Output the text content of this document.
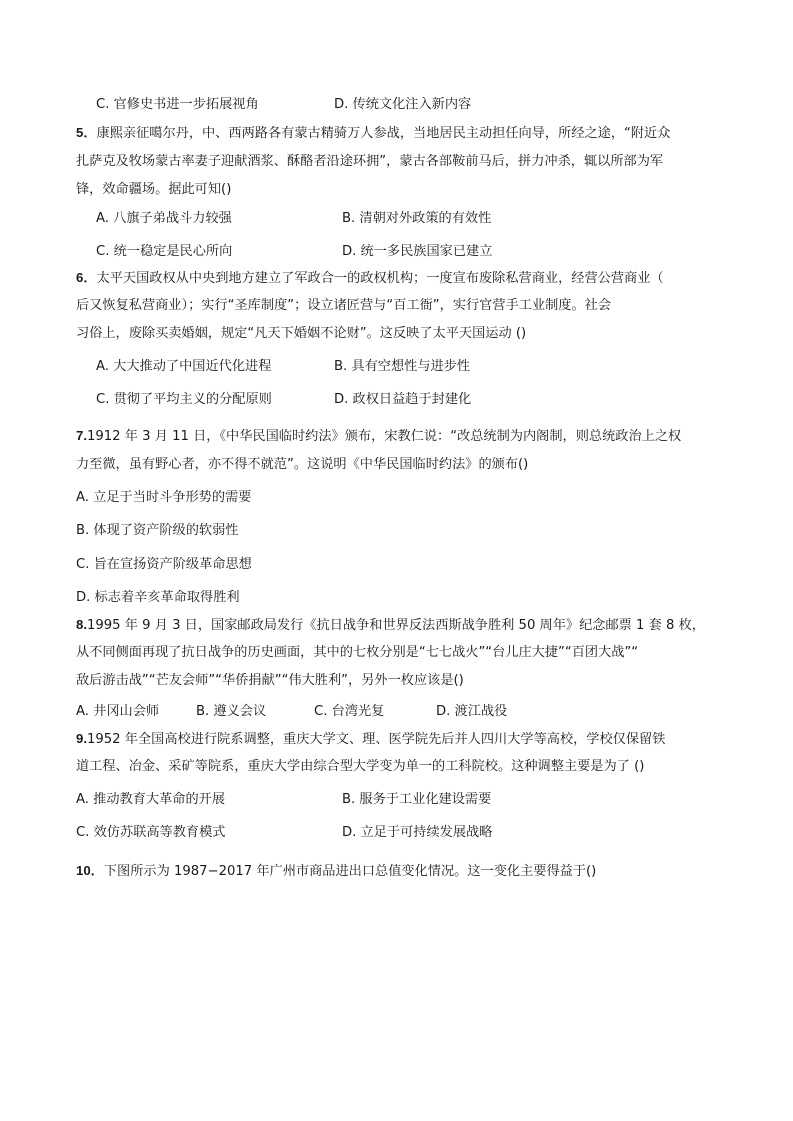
C. 官修史书进一步拓展视角	D. 传统文化注入新内容
5．康熙亲征噶尔丹，中、西两路各有蒙古精骑万人参战，当地居民主动担任向导，所经之途，“附近众
扎萨克及牧场蒙古率妻子迎献酒浆、酥酪者沿途环拥”，蒙古各部鞍前马后，拼力冲杀，辄以所部为军
锋，效命疆场。据此可知()
A. 八旗子弟战斗力较强	B. 清朝对外政策的有效性
C. 统一稳定是民心所向	D. 统一多民族国家已建立
6．太平天国政权从中央到地方建立了军政合一的政权机构；一度宣布废除私营商业，经营公营商业（
后又恢复私营商业）；实行“圣库制度”；设立诸匠营与“百工衙”，实行官营手工业制度。社会
习俗上，废除买卖婚姻，规定“凡天下婚姻不论财”。这反映了太平天国运动 ()
A. 大大推动了中国近代化进程	B. 具有空想性与进步性
C. 贯彻了平均主义的分配原则	D. 政权日益趋于封建化
7.1912 年 3 月 11 日，《中华民国临时约法》颁布，宋教仁说：“改总统制为内阁制，则总统政治上之权
力至微，虽有野心者，亦不得不就范”。这说明《中华民国临时约法》的颁布()
A. 立足于当时斗争形势的需要
B. 体现了资产阶级的软弱性
C. 旨在宣扬资产阶级革命思想
D. 标志着辛亥革命取得胜利
8.1995 年 9 月 3 日，国家邮政局发行《抗日战争和世界反法西斯战争胜利 50 周年》纪念邮票 1 套 8 枚，
从不同侧面再现了抗日战争的历史画面，其中的七枚分别是“七七战火”“台儿庄大捷”“百团大战”“
敌后游击战”“芒友会师”“华侨捐献”“伟大胜利”，另外一枚应该是()
A. 井冈山会师	B. 遵义会议	C. 台湾光复	D. 渡江战役
9.1952 年全国高校进行院系调整，重庆大学文、理、医学院先后并人四川大学等高校，学校仅保留铁
道工程、冶金、采矿等院系，重庆大学由综合型大学变为单一的工科院校。这种调整主要是为了 ()
A. 推动教育大革命的开展	B. 服务于工业化建设需要
C. 效仿苏联高等教育模式	D. 立足于可持续发展战略
10．下图所示为 1987−2017 年广州市商品进出口总值变化情况。这一变化主要得益于()
